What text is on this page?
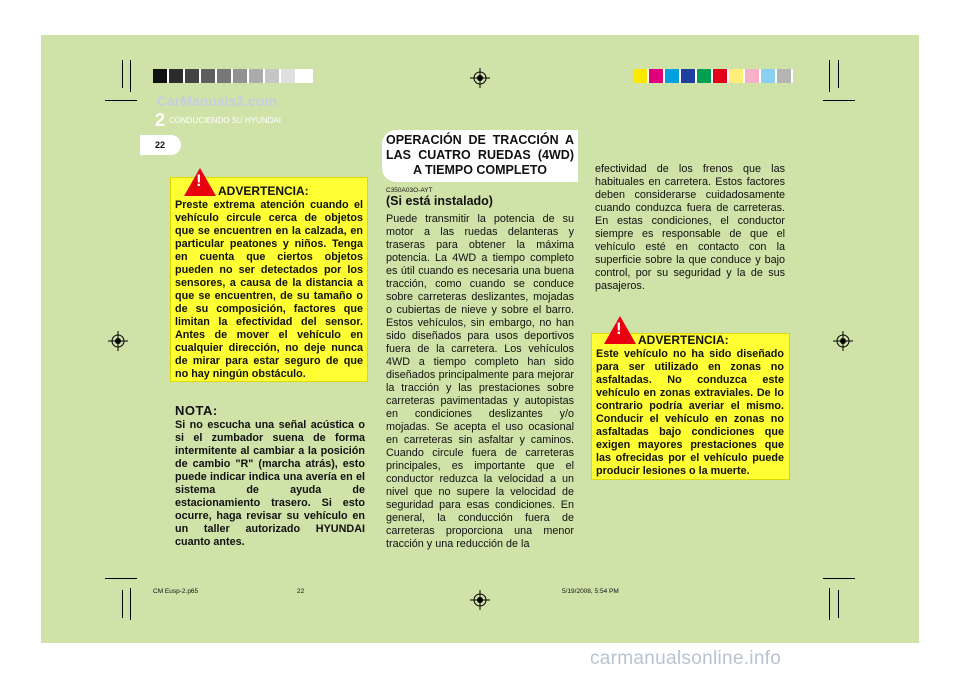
CarManuals2.com
2 CONDUCIENDO SU HYUNDAI
22
!
ADVERTENCIA:
Preste extrema atención cuando el vehículo circule cerca de objetos que se encuentren en la calzada, en particular peatones y niños. Tenga en cuenta que ciertos objetos pueden no ser detectados por los sensores, a causa de la distancia a que se encuentren, de su tamaño o de su composición, factores que limitan la efectividad del sensor. Antes de mover el vehículo en cualquier dirección, no deje nunca de mirar para estar seguro de que no hay ningún obstáculo.
NOTA:
Si no escucha una señal acústica o si el zumbador suena de forma intermitente al cambiar a la posición de cambio "R" (marcha atrás), esto puede indicar indica una avería en el sistema de ayuda de estacionamiento trasero. Si esto ocurre, haga revisar su vehículo en un taller autorizado HYUNDAI cuanto antes.
OPERACIÓN DE TRACCIÓN A LAS CUATRO RUEDAS (4WD) A TIEMPO COMPLETO
C350A03O-AYT
(Si está instalado)
Puede transmitir la potencia de su motor a las ruedas delanteras y traseras para obtener la máxima potencia. La 4WD a tiempo completo es útil cuando es necesaria una buena tracción, como cuando se conduce sobre carreteras deslizantes, mojadas o cubiertas de nieve y sobre el barro. Estos vehículos, sin embargo, no han sido diseñados para usos deportivos fuera de la carretera. Los vehículos 4WD a tiempo completo han sido diseñados principalmente para mejorar la tracción y las prestaciones sobre carreteras pavimentadas y autopistas en condiciones deslizantes y/o mojadas. Se acepta el uso ocasional en carreteras sin asfaltar y caminos. Cuando circule fuera de carreteras principales, es importante que el conductor reduzca la velocidad a un nivel que no supere la velocidad de seguridad para esas condiciones. En general, la conducción fuera de carreteras proporciona una menor tracción y una reducción de la
efectividad de los frenos que las habituales en carretera. Estos factores deben considerarse cuidadosamente cuando conduzca fuera de carreteras. En estas condiciones, el conductor siempre es responsable de que el vehículo esté en contacto con la superficie sobre la que conduce y bajo control, por su seguridad y la de sus pasajeros.
!
ADVERTENCIA:
Este vehículo no ha sido diseñado para ser utilizado en zonas no asfaltadas. No conduzca este vehículo en zonas extraviales. De lo contrario podría averiar el mismo. Conducir el vehículo en zonas no asfaltadas bajo condiciones que exigen mayores prestaciones que las ofrecidas por el vehículo puede producir lesiones o la muerte.
CM Eusp-2.p65	22	5/19/2008, 5:54 PM
carmanualsonline.info
